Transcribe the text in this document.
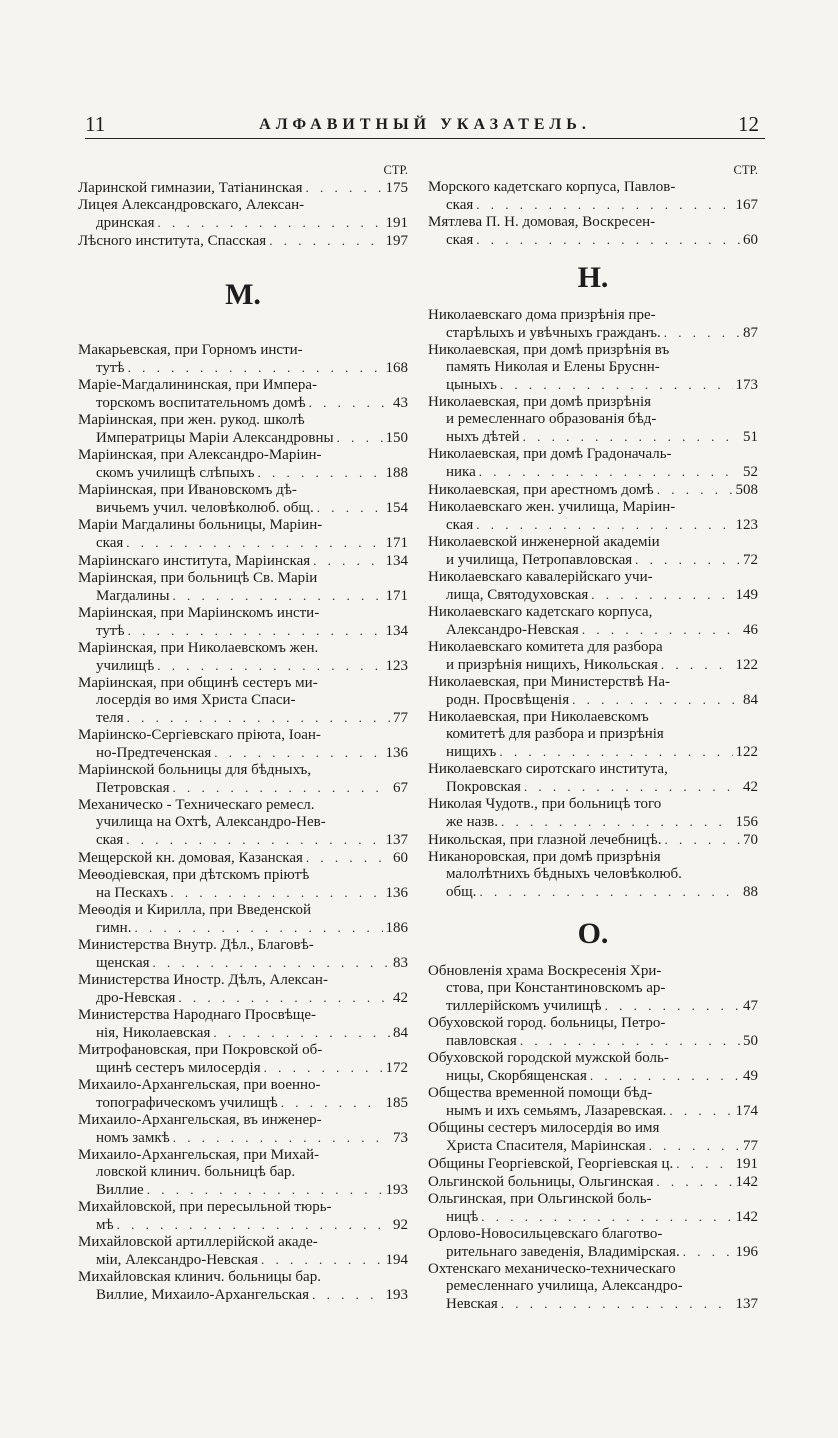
11	АЛФАВИТНЫЙ УКАЗАТЕЛЬ.	12
СТР.
Ларинской гимназии, Татіанинская . . .	175
Лицея Александровскаго, Алексан-
дринская . . .	191
Лѣсного института, Спасская . . .	197
М.
Макарьевская, при Горномъ инсти-
тутѣ . . .	168
Маріе-Магдалининская, при Импера-
торскомъ воспитательномъ домѣ . . .	43
Маріинская, при жен. рукод. школѣ
Императрицы Маріи Александровны . . .	150
Маріинская, при Александро-Маріин-
скомъ училищѣ слѣпыхъ . . .	188
Маріинская, при Ивановскомъ дѣ-
вичьемъ учил. человѣколюб. общ. . . .	154
Маріи Магдалины больницы, Маріин-
ская . . .	171
Маріинскаго института, Маріинская . . .	134
Маріинская, при больницѣ Св. Маріи
Магдалины . . .	171
Маріинская, при Маріинскомъ инсти-
тутѣ . . .	134
Маріинская, при Николаевскомъ жен.
училищѣ . . .	123
Маріинская, при общинѣ сестеръ ми-
лосердія во имя Христа Спаси-
теля . . .	77
Маріинско-Сергіевскаго пріюта, Іоан-
но-Предтеченская . . .	136
Маріинской больницы для бѣдныхъ,
Петровская . . .	67
Механическо - Техническаго ремесл.
училища на Охтѣ, Александро-Нев-
ская . . .	137
Мещерской кн. домовая, Казанская . . .	60
Меѳодіевская, при дѣтскомъ пріютѣ
на Пескахъ . . .	136
Меѳодія и Кирилла, при Введенской
гимн. . . .	186
Министерства Внутр. Дѣл., Благовѣ-
щенская . . .	83
Министерства Иностр. Дѣлъ, Алексан-
дро-Невская . . .	42
Министерства Народнаго Просвѣще-
нія, Николаевская . . .	84
Митрофановская, при Покровской об-
щинѣ сестеръ милосердія . . .	172
Михаило-Архангельская, при военно-
топографическомъ училищѣ . . .	185
Михаило-Архангельская, въ инженер-
номъ замкѣ . . .	73
Михаило-Архангельская, при Михай-
ловской клинич. больницѣ бар.
Виллие . . .	193
Михайловской, при пересыльной тюрь-
мѣ . . .	92
Михайловской артиллерійской акаде-
міи, Александро-Невская . . .	194
Михайловская клинич. больницы бар.
Виллие, Михаило-Архангельская . . .	193
СТР.
Морского кадетскаго корпуса, Павлов-
ская . . .	167
Мятлева П. Н. домовая, Воскресен-
ская . . .	60
Н.
Николаевскаго дома призрѣнія пре-
старѣлыхъ и увѣчныхъ гражданъ. . . .	87
Николаевская, при домѣ призрѣнія въ
память Николая и Елены Бруснн-
цыныхъ . . .	173
Николаевская, при домѣ призрѣнія
и ремесленнаго образованія бѣд-
ныхъ дѣтей . . .	51
Николаевская, при домѣ Градоначаль-
ника . . .	52
Николаевская, при арестномъ домѣ . . .	508
Николаевскаго жен. училища, Маріин-
ская . . .	123
Николаевской инженерной академіи
и училища, Петропавловская . . .	72
Николаевскаго кавалерійскаго учи-
лища, Святодуховская . . .	149
Николаевскаго кадетскаго корпуса,
Александро-Невская . . .	46
Николаевскаго комитета для разбора
и призрѣнія нищихъ, Никольская . . .	122
Николаевская, при Министерствѣ На-
родн. Просвѣщенія . . .	84
Николаевская, при Николаевскомъ
комитетѣ для разбора и призрѣнія
нищихъ . . .	122
Николаевскаго сиротскаго института,
Покровская . . .	42
Николая Чудотв., при больницѣ того
же назв. . . .	156
Никольская, при глазной лечебницѣ. . . .	70
Никаноровская, при домѣ призрѣнія
малолѣтнихъ бѣдныхъ человѣколюб.
общ. . . .	88
О.
Обновленія храма Воскресенія Хри-
стова, при Константиновскомъ ар-
тиллерійскомъ училищѣ . . .	47
Обуховской город. больницы, Петро-
павловская . . .	50
Обуховской городской мужской боль-
ницы, Скорбященская . . .	49
Общества временной помощи бѣд-
нымъ и ихъ семьямъ, Лазаревская. . . .	174
Общины сестеръ милосердія во имя
Христа Спасителя, Маріинская . . .	77
Общины Георгіевской, Георгіевская ц. . . .	191
Ольгинской больницы, Ольгинская . . .	142
Ольгинская, при Ольгинской боль-
ницѣ . . .	142
Орлово-Новосильцевскаго благотво-
рительнаго заведенія, Владимірская. . . .	196
Охтенскаго механическо-техническаго
ремесленнаго училища, Александро-
Невская . . .	137
